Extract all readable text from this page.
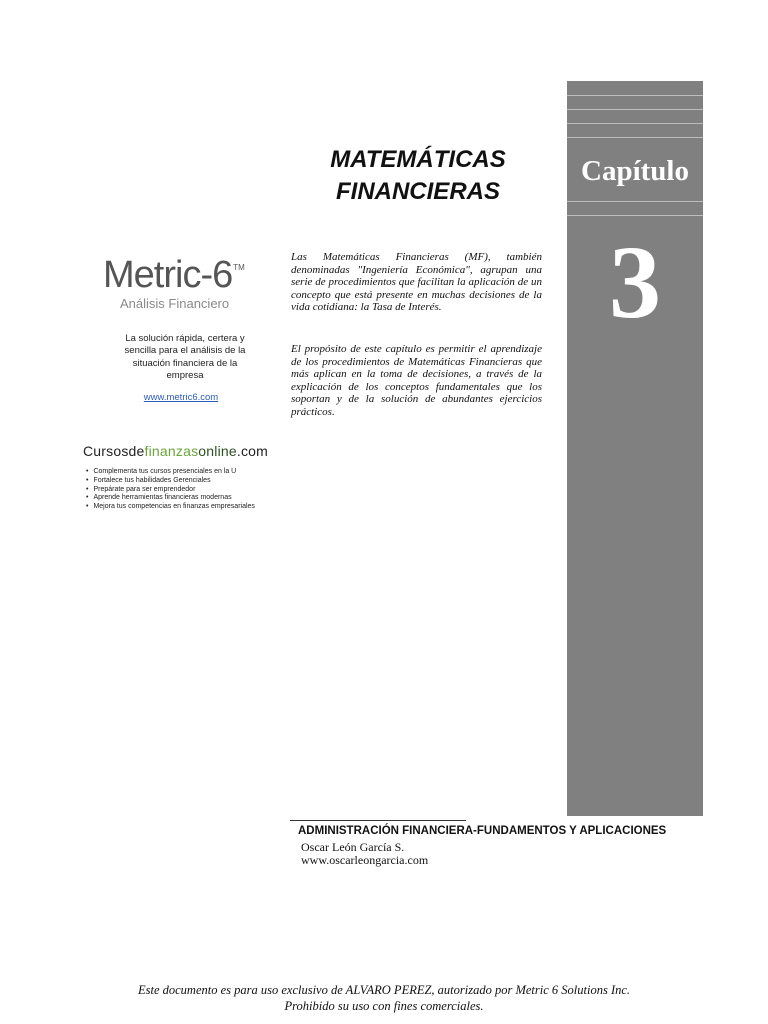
Capítulo
3
MATEMÁTICAS
FINANCIERAS
Las Matemáticas Financieras (MF), también denominadas "Ingeniería Económica", agrupan una serie de procedimientos que facilitan la aplicación de un concepto que está presente en muchas decisiones de la vida cotidiana: la Tasa de Interés.
El propósito de este capítulo es permitir el aprendizaje de los procedimientos de Matemáticas Financieras que más aplican en la toma de decisiones, a través de la explicación de los conceptos fundamentales que los soportan y de la solución de abundantes ejercicios prácticos.
Metric-6™
Análisis Financiero
La solución rápida, certera y
sencilla para el análisis de la
situación financiera de la
empresa
www.metric6.com
Cursosdefinanzasonline.com
• Complementa tus cursos presenciales en la U
• Fortalece tus habilidades Gerenciales
• Prepárate para ser emprendedor
• Aprende herramientas financieras modernas
• Mejora tus competencias en finanzas empresariales
ADMINISTRACIÓN FINANCIERA-FUNDAMENTOS Y APLICACIONES
Oscar León García S.
www.oscarleongarcia.com
Este documento es para uso exclusivo de ALVARO PEREZ, autorizado por Metric 6 Solutions Inc.
Prohibido su uso con fines comerciales.
